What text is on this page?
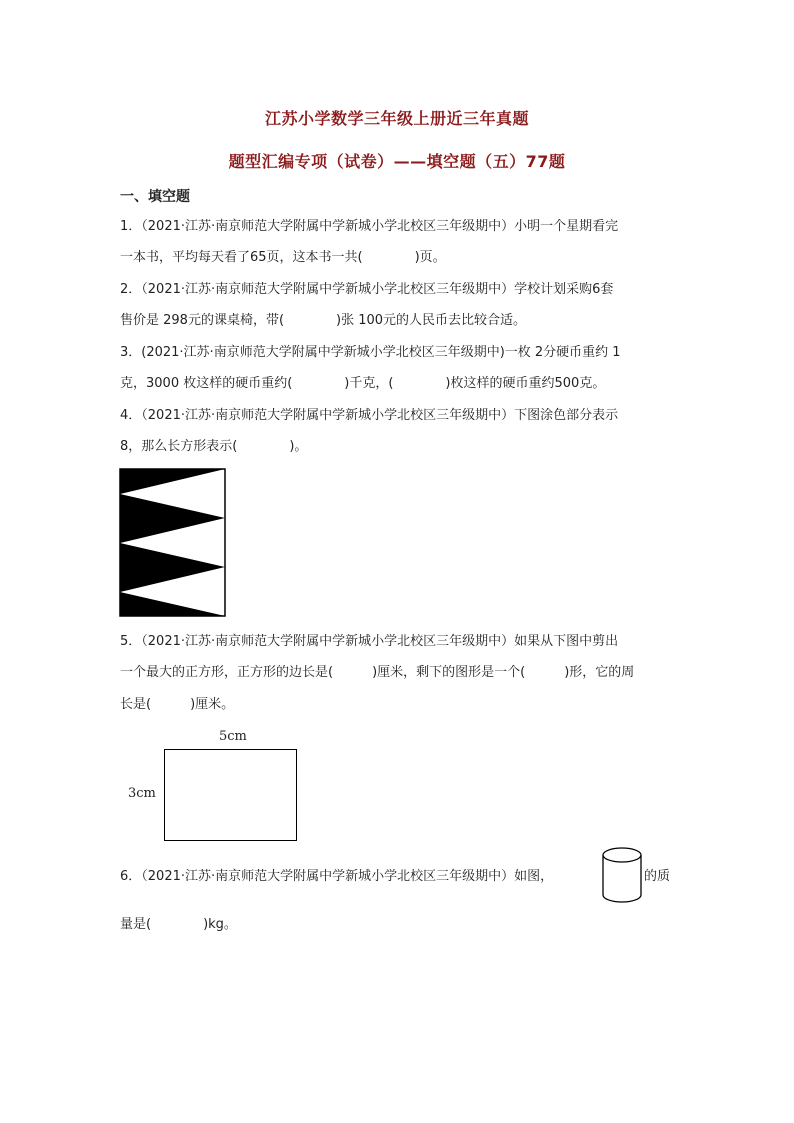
江苏小学数学三年级上册近三年真题
题型汇编专项（试卷）——填空题（五）77题
一、填空题
1．（2021·江苏·南京师范大学附属中学新城小学北校区三年级期中）小明一个星期看完
一本书，平均每天看了65页，这本书一共(　　　　)页。
2．（2021·江苏·南京师范大学附属中学新城小学北校区三年级期中）学校计划采购6套
售价是 298元的课桌椅，带(　　　　)张 100元的人民币去比较合适。
3．(2021·江苏·南京师范大学附属中学新城小学北校区三年级期中)一枚 2分硬币重约 1
克，3000 枚这样的硬币重约(　　　　)千克，(　　　　)枚这样的硬币重约500克。
4．（2021·江苏·南京师范大学附属中学新城小学北校区三年级期中）下图涂色部分表示
8，那么长方形表示(　　　　)。
5．（2021·江苏·南京师范大学附属中学新城小学北校区三年级期中）如果从下图中剪出
一个最大的正方形，正方形的边长是(　　　)厘米，剩下的图形是一个(　　　)形，它的周
长是(　　　)厘米。
5cm
3cm
6．（2021·江苏·南京师范大学附属中学新城小学北校区三年级期中）如图，	的质
量是(　　　　)kg。
